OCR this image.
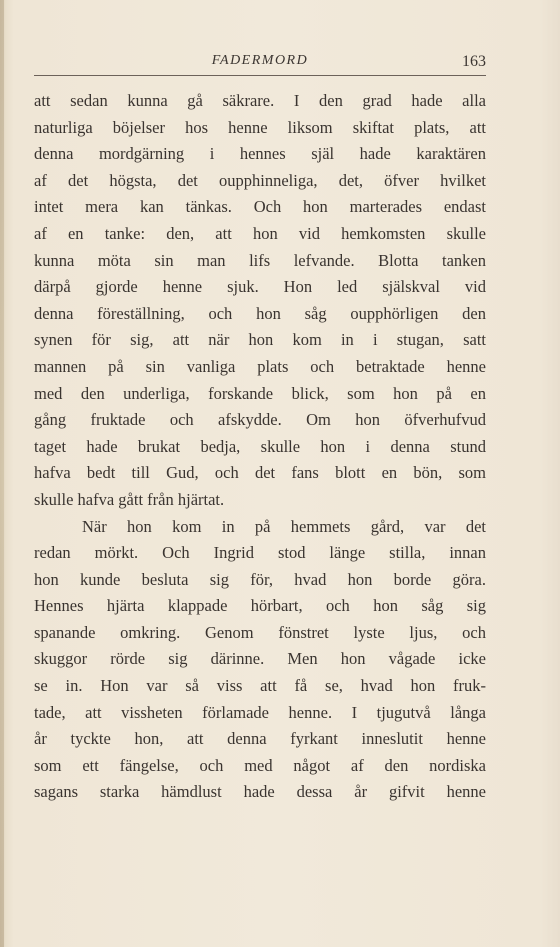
FADERMORD	163
att sedan kunna gå säkrare. I den grad hade alla
naturliga böjelser hos henne liksom skiftat plats, att
denna mordgärning i hennes själ hade karaktären
af det högsta, det oupphinneliga, det, öfver hvilket
intet mera kan tänkas. Och hon marterades endast
af en tanke: den, att hon vid hemkomsten skulle
kunna möta sin man lifs lefvande. Blotta tanken
därpå gjorde henne sjuk. Hon led själskval vid
denna föreställning, och hon såg oupphörligen den
synen för sig, att när hon kom in i stugan, satt
mannen på sin vanliga plats och betraktade henne
med den underliga, forskande blick, som hon på en
gång fruktade och afskydde. Om hon öfverhufvud
taget hade brukat bedja, skulle hon i denna stund
hafva bedt till Gud, och det fans blott en bön, som
skulle hafva gått från hjärtat.
När hon kom in på hemmets gård, var det
redan mörkt. Och Ingrid stod länge stilla, innan
hon kunde besluta sig för, hvad hon borde göra.
Hennes hjärta klappade hörbart, och hon såg sig
spanande omkring. Genom fönstret lyste ljus, och
skuggor rörde sig därinne. Men hon vågade icke
se in. Hon var så viss att få se, hvad hon fruk-
tade, att vissheten förlamade henne. I tjugutvå långa
år tyckte hon, att denna fyrkant inneslutit henne
som ett fängelse, och med något af den nordiska
sagans starka hämdlust hade dessa år gifvit henne
